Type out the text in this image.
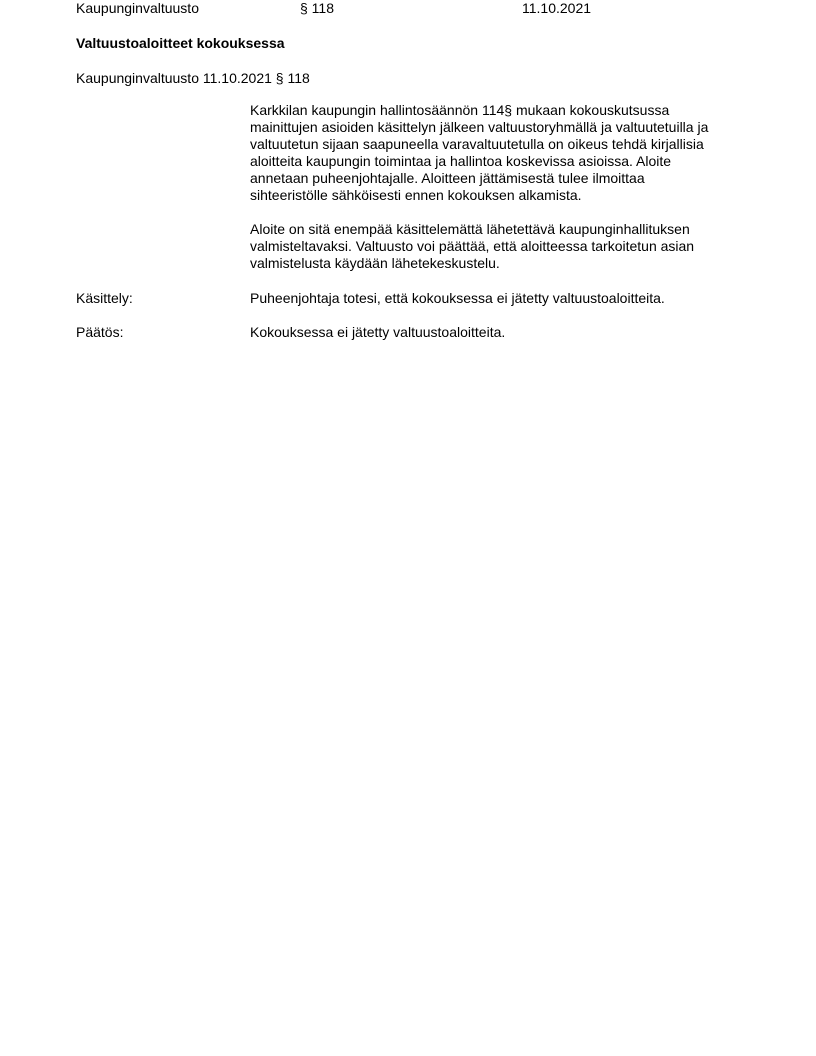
Kaupunginvaltuusto	§ 118	11.10.2021
Valtuustoaloitteet kokouksessa
Kaupunginvaltuusto 11.10.2021 § 118
Karkkilan kaupungin hallintosäännön 114§ mukaan kokouskutsussa
mainittujen asioiden käsittelyn jälkeen valtuustoryhmällä ja valtuutetuilla ja
valtuutetun sijaan saapuneella varavaltuutetulla on oikeus tehdä kirjallisia
aloitteita kaupungin toimintaa ja hallintoa koskevissa asioissa. Aloite
annetaan puheenjohtajalle. Aloitteen jättämisestä tulee ilmoittaa
sihteeristölle sähköisesti ennen kokouksen alkamista.
Aloite on sitä enempää käsittelemättä lähetettävä kaupunginhallituksen
valmisteltavaksi. Valtuusto voi päättää, että aloitteessa tarkoitetun asian
valmistelusta käydään lähetekeskustelu.
Käsittely:	Puheenjohtaja totesi, että kokouksessa ei jätetty valtuustoaloitteita.
Päätös:	Kokouksessa ei jätetty valtuustoaloitteita.
